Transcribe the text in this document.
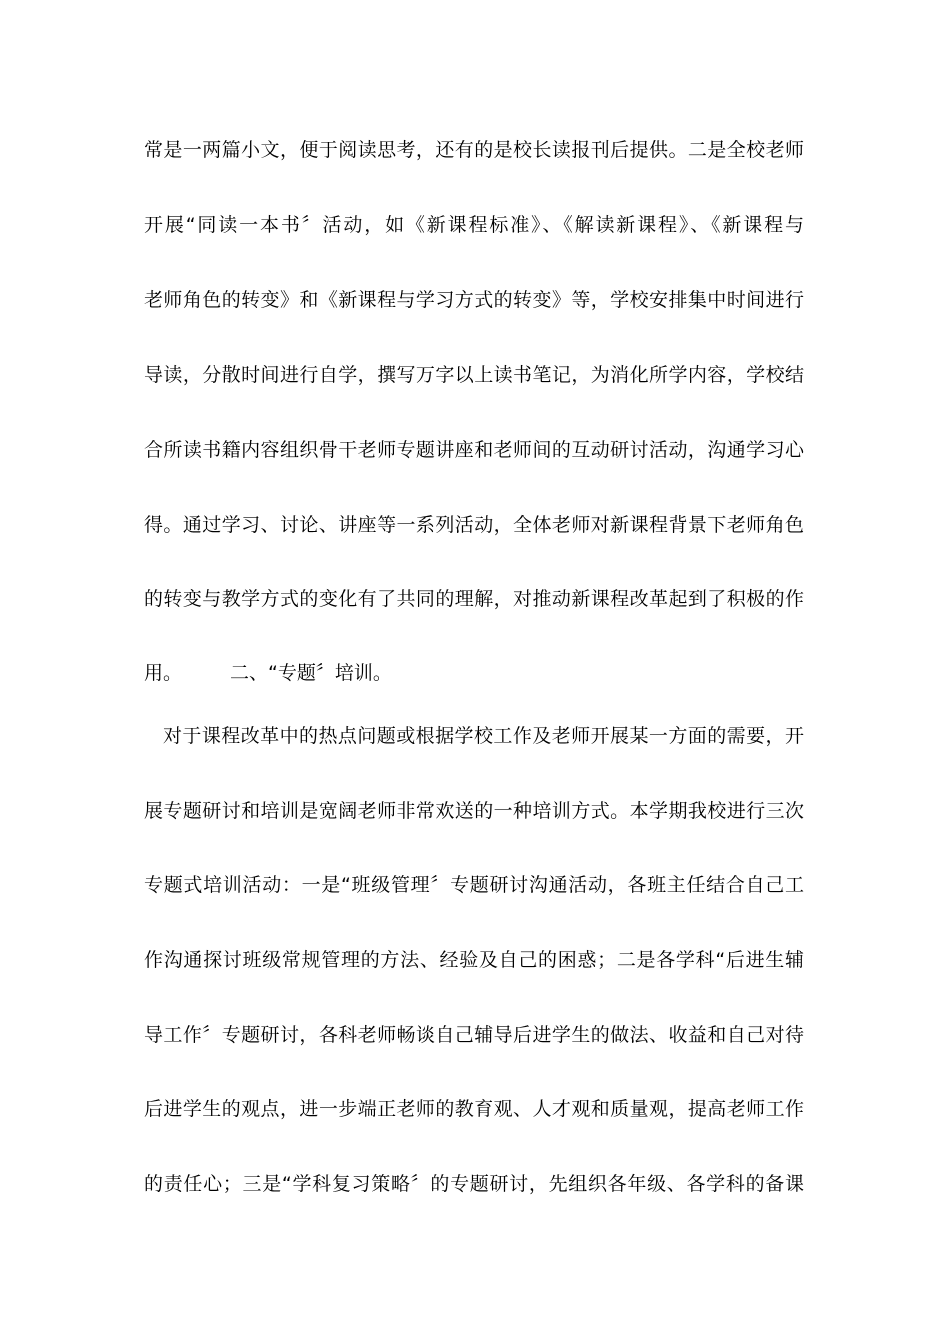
常是一两篇小文，便于阅读思考，还有的是校长读报刊后提供。二是全校老师
开展“同读一本书〞活动，如《新课程标准》、《解读新课程》、《新课程与
老师角色的转变》和《新课程与学习方式的转变》等，学校安排集中时间进行
导读，分散时间进行自学，撰写万字以上读书笔记，为消化所学内容，学校结
合所读书籍内容组织骨干老师专题讲座和老师间的互动研讨活动，沟通学习心
得。通过学习、讨论、讲座等一系列活动，全体老师对新课程背景下老师角色
的转变与教学方式的变化有了共同的理解，对推动新课程改革起到了积极的作
用。	二、“专题〞培训。
对于课程改革中的热点问题或根据学校工作及老师开展某一方面的需要，开
展专题研讨和培训是宽阔老师非常欢送的一种培训方式。本学期我校进行三次
专题式培训活动：一是“班级管理〞专题研讨沟通活动，各班主任结合自己工
作沟通探讨班级常规管理的方法、经验及自己的困惑；二是各学科“后进生辅
导工作〞专题研讨，各科老师畅谈自己辅导后进学生的做法、收益和自己对待
后进学生的观点，进一步端正老师的教育观、人才观和质量观，提高老师工作
的责任心；三是“学科复习策略〞的专题研讨，先组织各年级、各学科的备课
